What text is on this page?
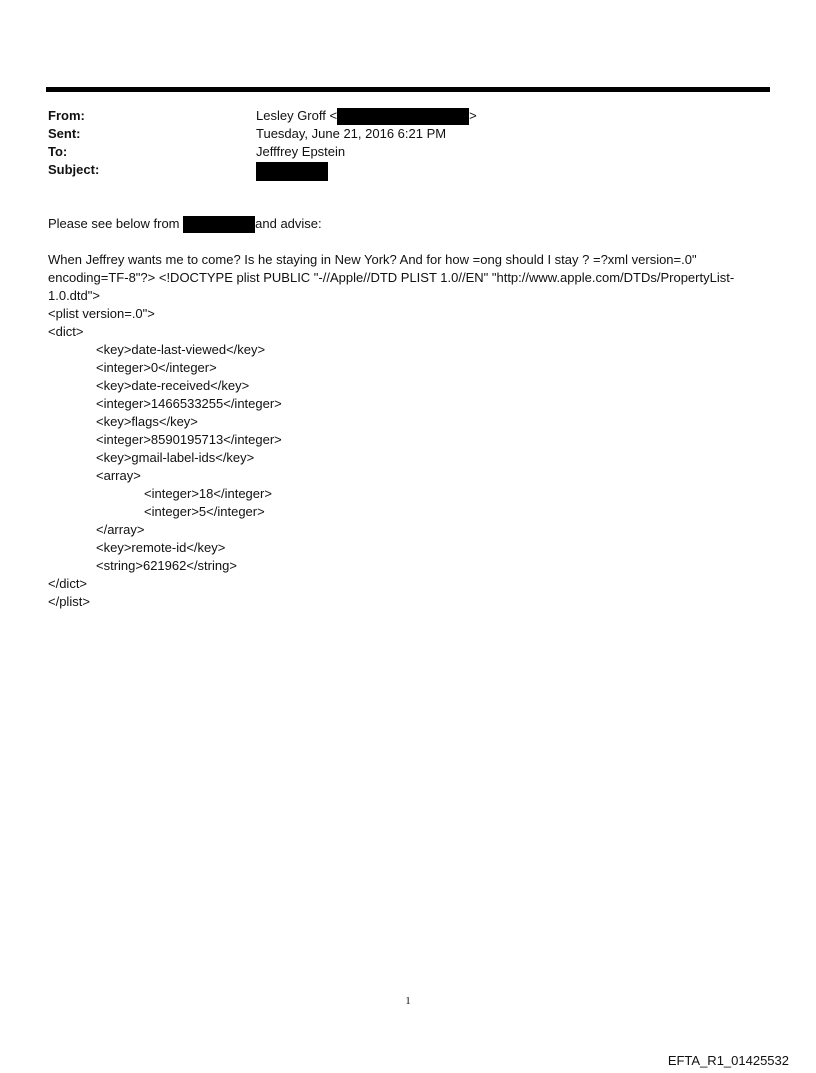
From:	Lesley Groff <	>
Sent:	Tuesday, June 21, 2016 6:21 PM
To:	Jefffrey Epstein
Subject:

Please see below from	and advise:

When Jeffrey wants me to come? Is he staying in New York? And for how =ong should I stay ? =?xml version=.0" encoding=TF-8"?> <!DOCTYPE plist PUBLIC "-//Apple//DTD PLIST 1.0//EN" "http://www.apple.com/DTDs/PropertyList-1.0.dtd">

<plist version=.0">
<dict>
<key>date-last-viewed</key>
<integer>0</integer>
<key>date-received</key>
<integer>1466533255</integer>
<key>flags</key>
<integer>8590195713</integer>
<key>gmail-label-ids</key>
<array>
<integer>18</integer>
<integer>5</integer>
</array>
<key>remote-id</key>
<string>621962</string>
</dict>
</plist>
1
EFTA_R1_01425532
